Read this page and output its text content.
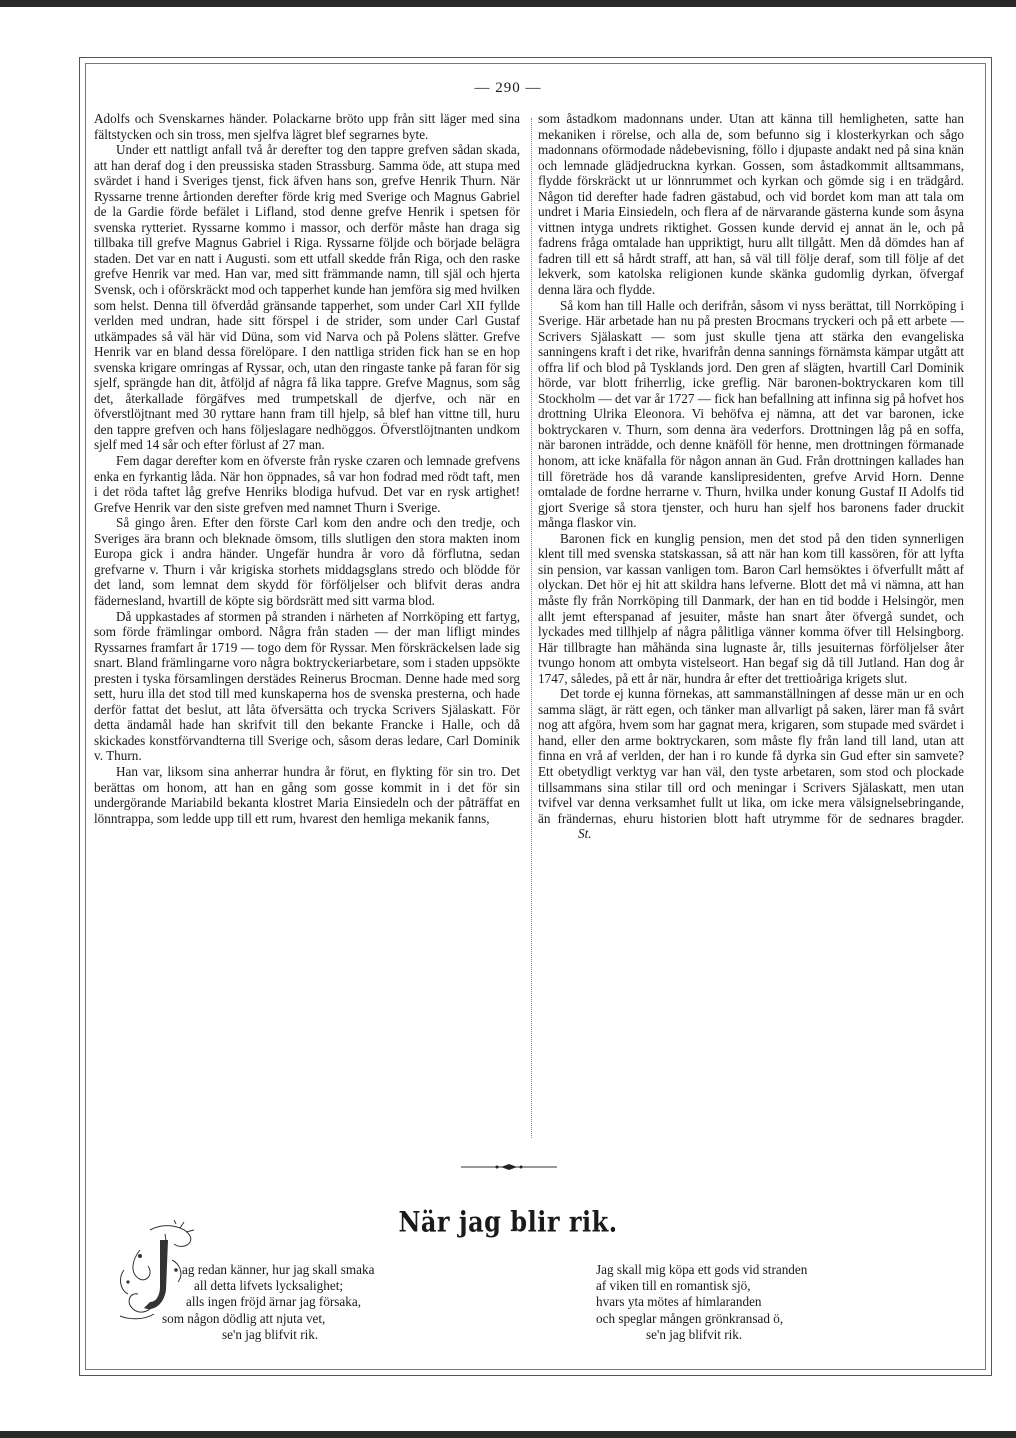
— 290 —

Adolfs och Svenskarnes händer. Polackarne bröto upp från sitt läger med sina fältstycken och sin tross, men sjelfva lägret blef segrarnes byte.

Under ett nattligt anfall två år derefter tog den tappre grefven sådan skada, att han deraf dog i den preussiska staden Strassburg. Samma öde, att stupa med svärdet i hand i Sveriges tjenst, fick äfven hans son, grefve Henrik Thurn. När Ryssarne trenne årtionden derefter förde krig med Sverige och Magnus Gabriel de la Gardie förde befälet i Lifland, stod denne grefve Henrik i spetsen för svenska rytteriet. Ryssarne kommo i massor, och derför måste han draga sig tillbaka till grefve Magnus Gabriel i Riga. Ryssarne följde och började belägra staden. Det var en natt i Augusti. som ett utfall skedde från Riga, och den raske grefve Henrik var med. Han var, med sitt främmande namn, till själ och hjerta Svensk, och i oförskräckt mod och tapperhet kunde han jemföra sig med hvilken som helst. Denna till öfverdåd gränsande tapperhet, som under Carl XII fyllde verlden med undran, hade sitt förspel i de strider, som under Carl Gustaf utkämpades så väl här vid Düna, som vid Narva och på Polens slätter. Grefve Henrik var en bland dessa förelöpare. I den nattliga striden fick han se en hop svenska krigare omringas af Ryssar, och, utan den ringaste tanke på faran för sig sjelf, sprängde han dit, åtföljd af några få lika tappre. Grefve Magnus, som såg det, återkallade förgäfves med trumpetskall de djerfve, och när en öfverstlöjtnant med 30 ryttare hann fram till hjelp, så blef han vittne till, huru den tappre grefven och hans följeslagare nedhöggos. Öfverstlöjtnanten undkom sjelf med 14 sår och efter förlust af 27 man.

Fem dagar derefter kom en öfverste från ryske czaren och lemnade grefvens enka en fyrkantig låda. När hon öppnades, så var hon fodrad med rödt taft, men i det röda taftet låg grefve Henriks blodiga hufvud. Det var en rysk artighet! Grefve Henrik var den siste grefven med namnet Thurn i Sverige.

Så gingo åren. Efter den förste Carl kom den andre och den tredje, och Sveriges ära brann och bleknade ömsom, tills slutligen den stora makten inom Europa gick i andra händer. Ungefär hundra år voro då förflutna, sedan grefvarne v. Thurn i vår krigiska storhets middagsglans stredo och blödde för det land, som lemnat dem skydd för förföljelser och blifvit deras andra fädernesland, hvartill de köpte sig bördsrätt med sitt varma blod.

Då uppkastades af stormen på stranden i närheten af Norrköping ett fartyg, som förde främlingar ombord. Några från staden — der man lifligt mindes Ryssarnes framfart år 1719 — togo dem för Ryssar. Men förskräckelsen lade sig snart. Bland främlingarne voro några boktryckeriarbetare, som i staden uppsökte presten i tyska församlingen derstädes Reinerus Brocman. Denne hade med sorg sett, huru illa det stod till med kunskaperna hos de svenska presterna, och hade derför fattat det beslut, att låta öfversätta och trycka Scrivers Själaskatt. För detta ändamål hade han skrifvit till den bekante Francke i Halle, och då skickades konstförvandterna till Sverige och, såsom deras ledare, Carl Dominik v. Thurn.

Han var, liksom sina anherrar hundra år förut, en flykting för sin tro. Det berättas om honom, att han en gång som gosse kommit in i det för sin undergörande Mariabild bekanta klostret Maria Einsiedeln och der påträffat en lönntrappa, som ledde upp till ett rum, hvarest den hemliga mekanik fanns,

som åstadkom madonnans under. Utan att känna till hemligheten, satte han mekaniken i rörelse, och alla de, som befunno sig i klosterkyrkan och sågo madonnans oförmodade nådebevisning, föllo i djupaste andakt ned på sina knän och lemnade glädjedruckna kyrkan. Gossen, som åstadkommit alltsammans, flydde förskräckt ut ur lönnrummet och kyrkan och gömde sig i en trädgård. Någon tid derefter hade fadren gästabud, och vid bordet kom man att tala om undret i Maria Einsiedeln, och flera af de närvarande gästerna kunde som åsyna vittnen intyga undrets riktighet. Gossen kunde dervid ej annat än le, och på fadrens fråga omtalade han uppriktigt, huru allt tillgått. Men då dömdes han af fadren till ett så hårdt straff, att han, så väl till följe deraf, som till följe af det lekverk, som katolska religionen kunde skänka gudomlig dyrkan, öfvergaf denna lära och flydde.

Så kom han till Halle och derifrån, såsom vi nyss berättat, till Norrköping i Sverige. Här arbetade han nu på presten Brocmans tryckeri och på ett arbete — Scrivers Själaskatt — som just skulle tjena att stärka den evangeliska sanningens kraft i det rike, hvarifrån denna sannings förnämsta kämpar utgått att offra lif och blod på Tysklands jord. Den gren af slägten, hvartill Carl Dominik hörde, var blott friherrlig, icke greflig. När baronen-boktryckaren kom till Stockholm — det var år 1727 — fick han befallning att infinna sig på hofvet hos drottning Ulrika Eleonora. Vi behöfva ej nämna, att det var baronen, icke boktryckaren v. Thurn, som denna ära vederfors. Drottningen låg på en soffa, när baronen inträdde, och denne knäföll för henne, men drottningen förmanade honom, att icke knäfalla för någon annan än Gud. Från drottningen kallades han till företräde hos då varande kanslipresidenten, grefve Arvid Horn. Denne omtalade de fordne herrarne v. Thurn, hvilka under konung Gustaf II Adolfs tid gjort Sverige så stora tjenster, och huru han sjelf hos baronens fader druckit många flaskor vin.

Baronen fick en kunglig pension, men det stod på den tiden synnerligen klent till med svenska statskassan, så att när han kom till kassören, för att lyfta sin pension, var kassan vanligen tom. Baron Carl hemsöktes i öfverfullt mått af olyckan. Det hör ej hit att skildra hans lefverne. Blott det må vi nämna, att han måste fly från Norrköping till Danmark, der han en tid bodde i Helsingör, men allt jemt efterspanad af jesuiter, måste han snart åter öfvergå sundet, och lyckades med tillhjelp af några pålitliga vänner komma öfver till Helsingborg. Här tillbragte han måhända sina lugnaste år, tills jesuiternas förföljelser åter tvungo honom att ombyta vistelseort. Han begaf sig då till Jutland. Han dog år 1747, således, på ett år när, hundra år efter det trettioåriga krigets slut.

Det torde ej kunna förnekas, att sammanställningen af desse män ur en och samma slägt, är rätt egen, och tänker man allvarligt på saken, lärer man få svårt nog att afgöra, hvem som har gagnat mera, krigaren, som stupade med svärdet i hand, eller den arme boktryckaren, som måste fly från land till land, utan att finna en vrå af verlden, der han i ro kunde få dyrka sin Gud efter sin samvete? Ett obetydligt verktyg var han väl, den tyste arbetaren, som stod och plockade tillsammans sina stilar till ord och meningar i Scrivers Själaskatt, men utan tvifvel var denna verksamhet fullt ut lika, om icke mera välsignelsebringande, än frändernas, ehuru historien blott haft utrymme för de sednares bragder.St.

När jag blir rik.
ag redan känner, hur jag skall smaka
all detta lifvets lycksalighet;
alls ingen fröjd ärnar jag försaka,
som någon dödlig att njuta vet,
se'n jag blifvit rik.
Jag skall mig köpa ett gods vid stranden
af viken till en romantisk sjö,
hvars yta mötes af himlaranden
och speglar mången grönkransad ö,
se'n jag blifvit rik.
